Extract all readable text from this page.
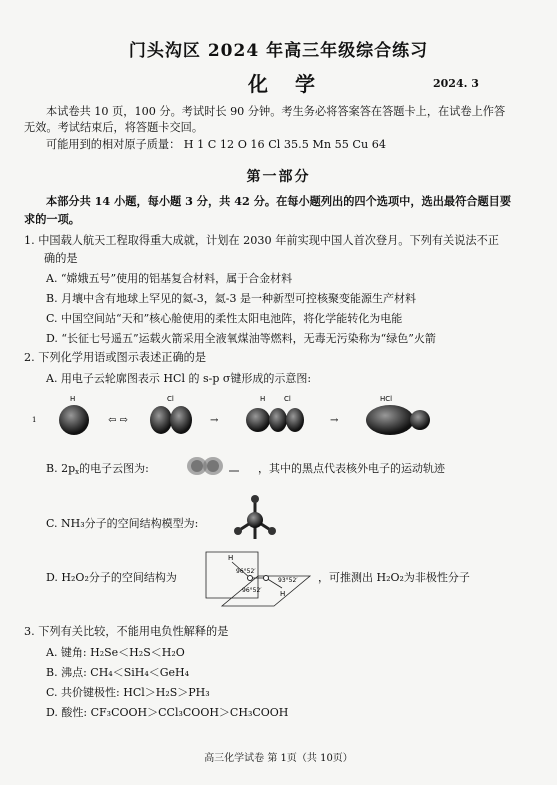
门头沟区 2024 年高三年级综合练习
化 学	2024. 3
本试卷共 10 页，100 分。考试时长 90 分钟。考生务必将答案答在答题卡上，在试卷上作答
无效。考试结束后，将答题卡交回。
可能用到的相对原子质量： H 1 C 12 O 16 Cl 35.5 Mn 55 Cu 64
第一部分
本部分共 14 小题，每小题 3 分，共 42 分。在每小题列出的四个选项中，选出最符合题目要
求的一项。
1. 中国载人航天工程取得重大成就，计划在 2030 年前实现中国人首次登月。下列有关说法不正
确的是
A. “嫦娥五号”使用的铝基复合材料，属于合金材料
B. 月壤中含有地球上罕见的氦-3，氦-3 是一种新型可控核聚变能源生产材料
C. 中国空间站“天和”核心舱使用的柔性太阳电池阵，将化学能转化为电能
D. “长征七号遥五”运载火箭采用全液氧煤油等燃料，无毒无污染称为“绿色”火箭
2. 下列化学用语或图示表述正确的是
A. 用电子云轮廓图表示 HCl 的 s-p σ键形成的示意图:
H
1	⇦ ⇨
Cl
→
H	Cl
→
HCl
B. $2p_x$的电子云图为:	，其中的黑点代表核外电子的运动轨迹
C. NH₃分子的空间结构模型为:
D. H₂O₂分子的空间结构为
H
96°52′
93°52′
96°52′	H
，可推测出 H₂O₂为非极性分子
3. 下列有关比较，不能用电负性解释的是
A. 键角: H₂Se＜H₂S＜H₂O
B. 沸点: CH₄＜SiH₄＜GeH₄
C. 共价键极性: HCl＞H₂S＞PH₃
D. 酸性: CF₃COOH＞CCl₃COOH＞CH₃COOH
高三化学试卷 第 1页（共 10页）
